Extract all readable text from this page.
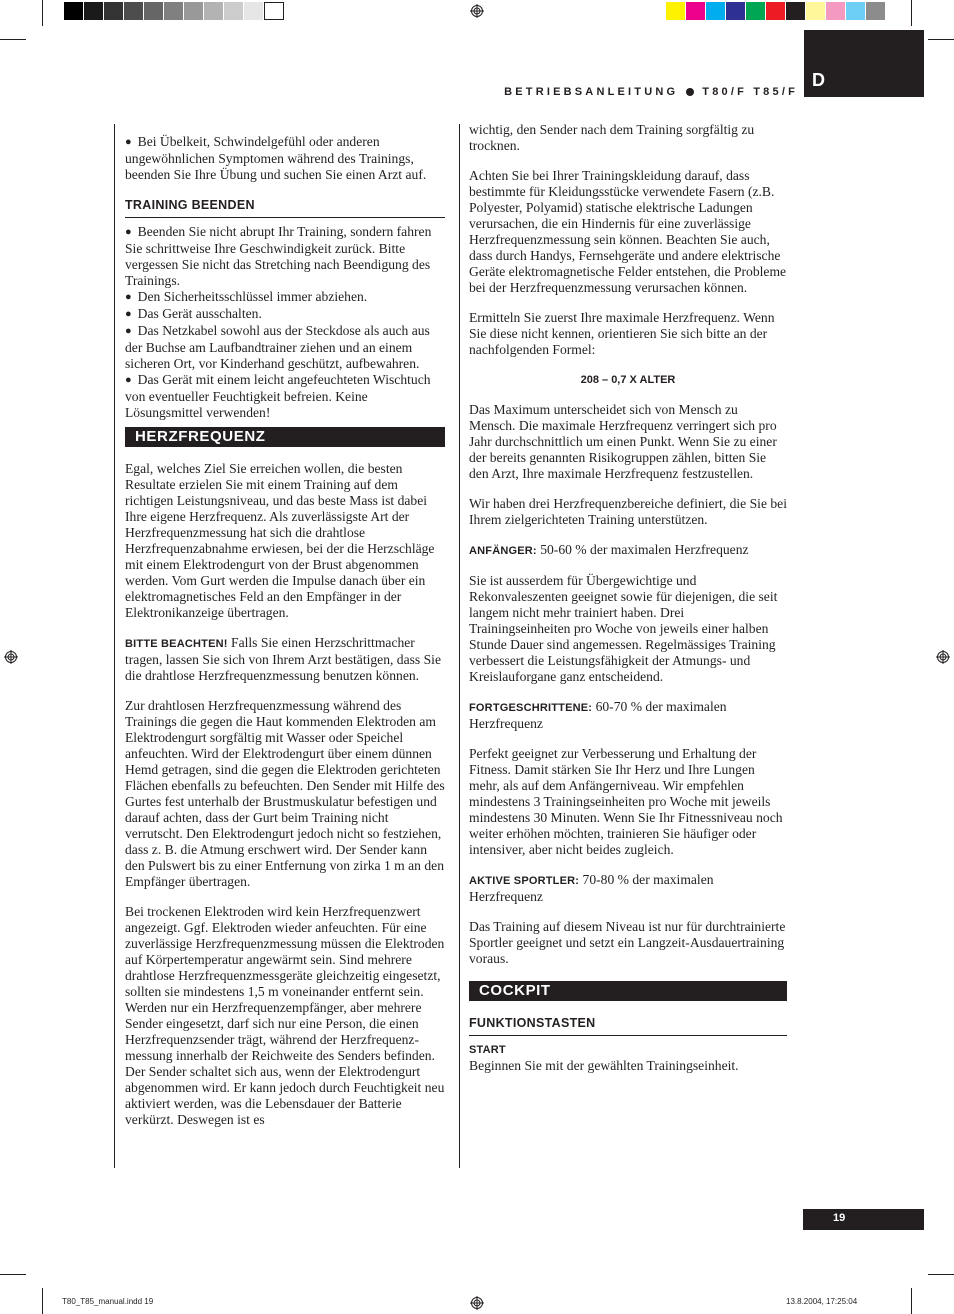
BETRIEBSANLEITUNG T80/F T85/F
D

● Bei Übelkeit, Schwindelgefühl oder anderen ungewöhnlichen Symptomen während des Trainings, beenden Sie Ihre Übung und suchen Sie einen Arzt auf.

TRAINING BEENDEN

● Beenden Sie nicht abrupt Ihr Training, sondern fahren Sie schrittweise Ihre Geschwindigkeit zurück. Bitte vergessen Sie nicht das Stretching nach Beendigung des Trainings.

● Den Sicherheitsschlüssel immer abziehen.

● Das Gerät ausschalten.

● Das Netzkabel sowohl aus der Steckdose als auch aus der Buchse am Laufbandtrainer ziehen und an einem sicheren Ort, vor Kinderhand geschützt, aufbewahren.

● Das Gerät mit einem leicht angefeuchteten Wischtuch von eventueller Feuchtigkeit befreien. Keine Lösungsmittel verwenden!

HERZFREQUENZ

Egal, welches Ziel Sie erreichen wollen, die besten Resultate erzielen Sie mit einem Training auf dem richtigen Leistungsniveau, und das beste Mass ist dabei Ihre eigene Herzfrequenz. Als zuverlässigste Art der Herzfrequenzmessung hat sich die drahtlose Herzfrequenzabnahme erwiesen, bei der die Herzschläge mit einem Elektrodengurt von der Brust abgenommen werden. Vom Gurt werden die Impulse danach über ein elektromagnetisches Feld an den Empfänger in der Elektronikanzeige übertragen.

BITTE BEACHTEN! Falls Sie einen Herzschrittmacher tragen, lassen Sie sich von Ihrem Arzt bestätigen, dass Sie die drahtlose Herzfrequenzmessung benutzen können.

Zur drahtlosen Herzfrequenzmessung während des Trainings die gegen die Haut kommenden Elektroden am Elektrodengurt sorgfältig mit Wasser oder Speichel anfeuchten. Wird der Elektrodengurt über einem dünnen Hemd getragen, sind die gegen die Elektroden gerichteten Flächen ebenfalls zu befeuchten. Den Sender mit Hilfe des Gurtes fest unterhalb der Brustmuskulatur befestigen und darauf achten, dass der Gurt beim Training nicht verrutscht. Den Elektrodengurt jedoch nicht so festziehen, dass z. B. die Atmung erschwert wird. Der Sender kann den Pulswert bis zu einer Entfernung von zirka 1 m an den Empfänger übertragen.

Bei trockenen Elektroden wird kein Herzfrequenzwert angezeigt. Ggf. Elektroden wieder anfeuchten. Für eine zuverlässige Herzfrequenzmessung müssen die Elektroden auf Körpertemperatur angewärmt sein. Sind mehrere drahtlose Herzfrequenzmessgeräte gleichzeitig eingesetzt, sollten sie mindestens 1,5 m voneinander entfernt sein. Werden nur ein Herzfrequenzempfänger, aber mehrere Sender eingesetzt, darf sich nur eine Person, die einen Herzfrequenzsender trägt, während der Herzfrequenz-messung innerhalb der Reichweite des Senders befinden. Der Sender schaltet sich aus, wenn der Elektrodengurt abgenommen wird. Er kann jedoch durch Feuchtigkeit neu aktiviert werden, was die Lebensdauer der Batterie verkürzt. Deswegen ist es

wichtig, den Sender nach dem Training sorgfältig zu trocknen.

Achten Sie bei Ihrer Trainingskleidung darauf, dass bestimmte für Kleidungsstücke verwendete Fasern (z.B. Polyester, Polyamid) statische elektrische Ladungen verursachen, die ein Hindernis für eine zuverlässige Herzfrequenzmessung sein können. Beachten Sie auch, dass durch Handys, Fernsehgeräte und andere elektrische Geräte elektromagnetische Felder entstehen, die Probleme bei der Herzfrequenzmessung verursachen können.

Ermitteln Sie zuerst Ihre maximale Herzfrequenz. Wenn Sie diese nicht kennen, orientieren Sie sich bitte an der nachfolgenden Formel:

208 – 0,7 X ALTER

Das Maximum unterscheidet sich von Mensch zu Mensch. Die maximale Herzfrequenz verringert sich pro Jahr durchschnittlich um einen Punkt. Wenn Sie zu einer der bereits genannten Risikogruppen zählen, bitten Sie den Arzt, Ihre maximale Herzfrequenz festzustellen.

Wir haben drei Herzfrequenzbereiche definiert, die Sie bei Ihrem zielgerichteten Training unterstützen.

ANFÄNGER: 50-60 % der maximalen Herzfrequenz

Sie ist ausserdem für Übergewichtige und Rekonvaleszenten geeignet sowie für diejenigen, die seit langem nicht mehr trainiert haben. Drei Trainingseinheiten pro Woche von jeweils einer halben Stunde Dauer sind angemessen. Regelmässiges Training verbessert die Leistungsfähigkeit der Atmungs- und Kreislauforgane ganz entscheidend.

FORTGESCHRITTENE: 60-70 % der maximalen Herzfrequenz

Perfekt geeignet zur Verbesserung und Erhaltung der Fitness. Damit stärken Sie Ihr Herz und Ihre Lungen mehr, als auf dem Anfängerniveau. Wir empfehlen mindestens 3 Trainingseinheiten pro Woche mit jeweils mindestens 30 Minuten. Wenn Sie Ihr Fitnessniveau noch weiter erhöhen möchten, trainieren Sie häufiger oder intensiver, aber nicht beides zugleich.

AKTIVE SPORTLER: 70-80 % der maximalen Herzfrequenz

Das Training auf diesem Niveau ist nur für durchtrainierte Sportler geeignet und setzt ein Langzeit-Ausdauertraining voraus.

COCKPIT
FUNKTIONSTASTEN

START

Beginnen Sie mit der gewählten Trainingseinheit.

19
T80_T85_manual.indd 19	13.8.2004, 17:25:04
